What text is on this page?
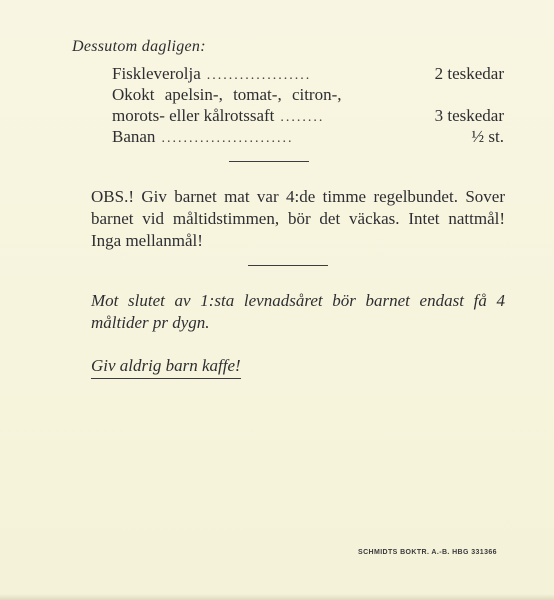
Dessutom dagligen:
Fiskleverolja ...................	2 teskedar
Okokt apelsin-, tomat-, citron-,
morots- eller kålrotssaft ........	3 teskedar
Banan ........................	½ st.
OBS.! Giv barnet mat var 4:de timme regelbundet. Sover barnet vid måltidstimmen, bör det väckas. Intet nattmål! Inga mellanmål!
Mot slutet av 1:sta levnadsåret bör barnet endast få 4 måltider pr dygn.
Giv aldrig barn kaffe!
SCHMIDTS BOKTR. A.-B. HBG 331366
